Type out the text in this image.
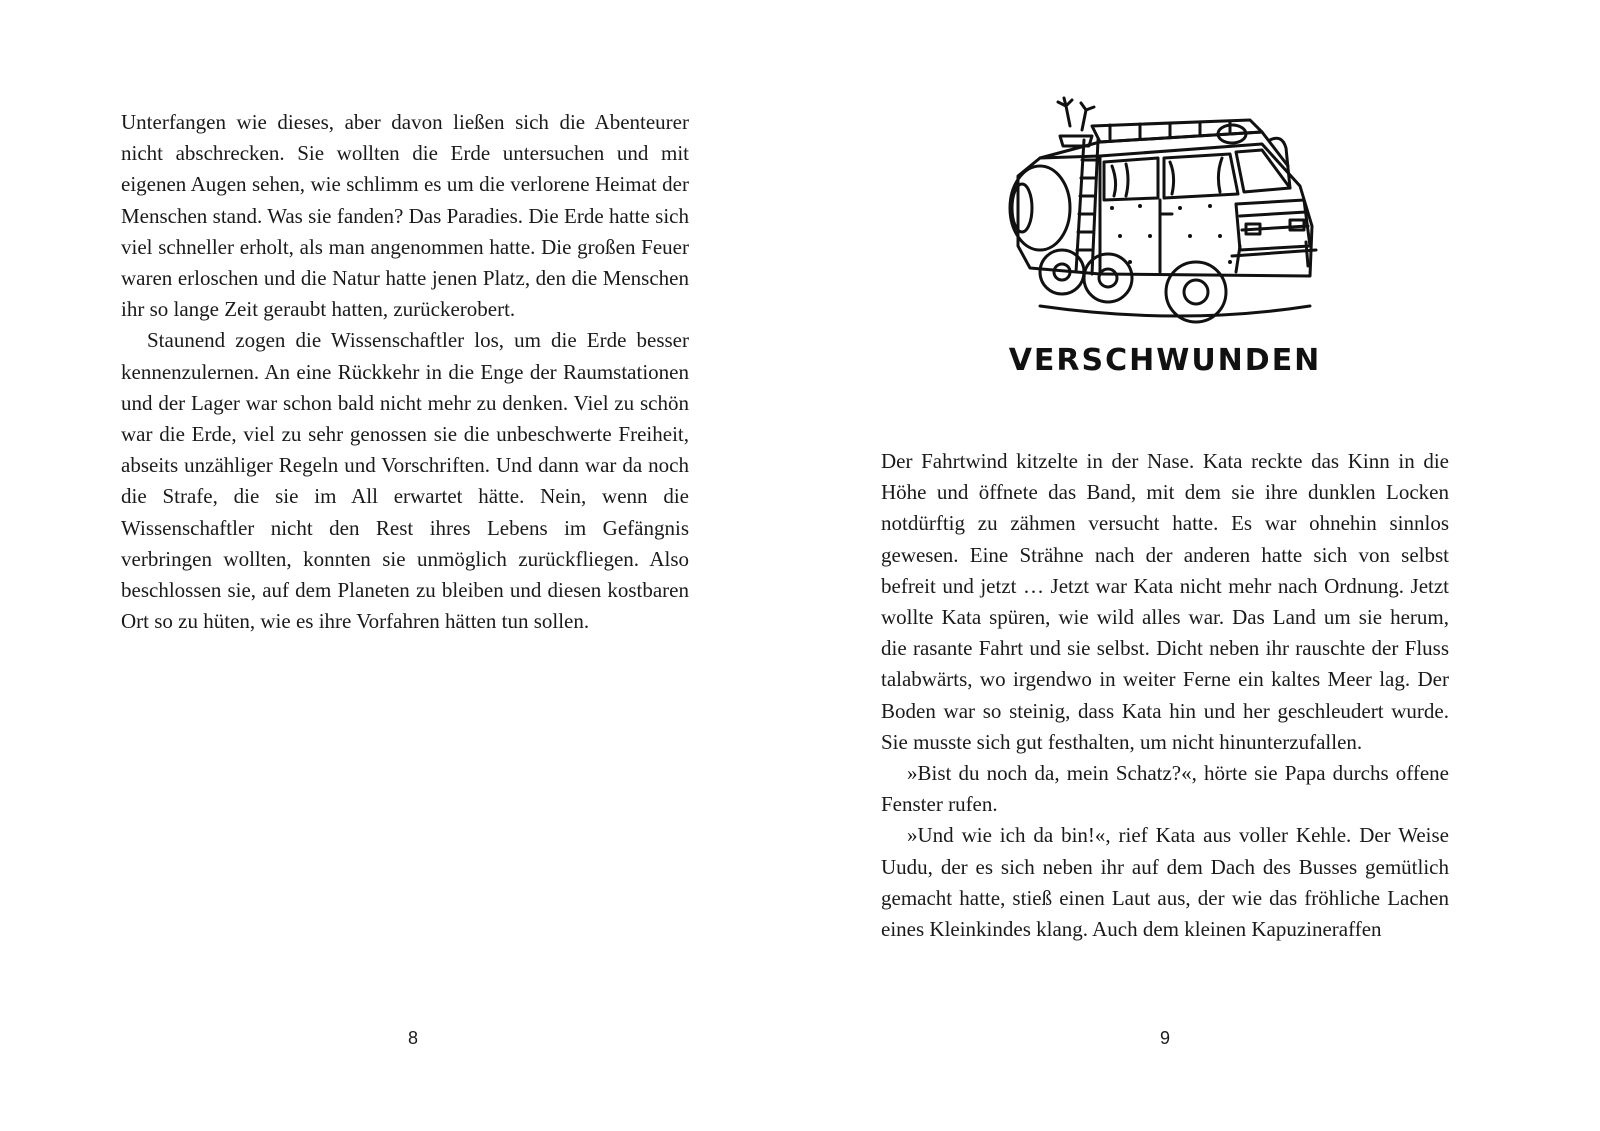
Unterfangen wie dieses, aber davon ließen sich die Abenteurer nicht abschrecken. Sie wollten die Erde untersuchen und mit eigenen Augen sehen, wie schlimm es um die verlorene Heimat der Menschen stand. Was sie fanden? Das Paradies. Die Erde hatte sich viel schneller erholt, als man angenommen hatte. Die großen Feuer waren erloschen und die Natur hatte jenen Platz, den die Menschen ihr so lange Zeit geraubt hatten, zurückerobert.

Staunend zogen die Wissenschaftler los, um die Erde besser kennenzulernen. An eine Rückkehr in die Enge der Raumstationen und der Lager war schon bald nicht mehr zu denken. Viel zu schön war die Erde, viel zu sehr genossen sie die unbeschwerte Freiheit, abseits unzähliger Regeln und Vorschriften. Und dann war da noch die Strafe, die sie im All erwartet hätte. Nein, wenn die Wissenschaftler nicht den Rest ihres Lebens im Gefängnis verbringen wollten, konnten sie unmöglich zurückfliegen. Also beschlossen sie, auf dem Planeten zu bleiben und diesen kostbaren Ort so zu hüten, wie es ihre Vorfahren hätten tun sollen.

8
VERSCHWUNDEN

Der Fahrtwind kitzelte in der Nase. Kata reckte das Kinn in die Höhe und öffnete das Band, mit dem sie ihre dunklen Locken notdürftig zu zähmen versucht hatte. Es war ohnehin sinnlos gewesen. Eine Strähne nach der anderen hatte sich von selbst befreit und jetzt … Jetzt war Kata nicht mehr nach Ordnung. Jetzt wollte Kata spüren, wie wild alles war. Das Land um sie herum, die rasante Fahrt und sie selbst. Dicht neben ihr rauschte der Fluss talabwärts, wo irgendwo in weiter Ferne ein kaltes Meer lag. Der Boden war so steinig, dass Kata hin und her geschleudert wurde. Sie musste sich gut festhalten, um nicht hinunterzufallen.

»Bist du noch da, mein Schatz?«, hörte sie Papa durchs offene Fenster rufen.

»Und wie ich da bin!«, rief Kata aus voller Kehle. Der Weise Uudu, der es sich neben ihr auf dem Dach des Busses gemütlich gemacht hatte, stieß einen Laut aus, der wie das fröhliche Lachen eines Kleinkindes klang. Auch dem kleinen Kapuzineraffen

9
